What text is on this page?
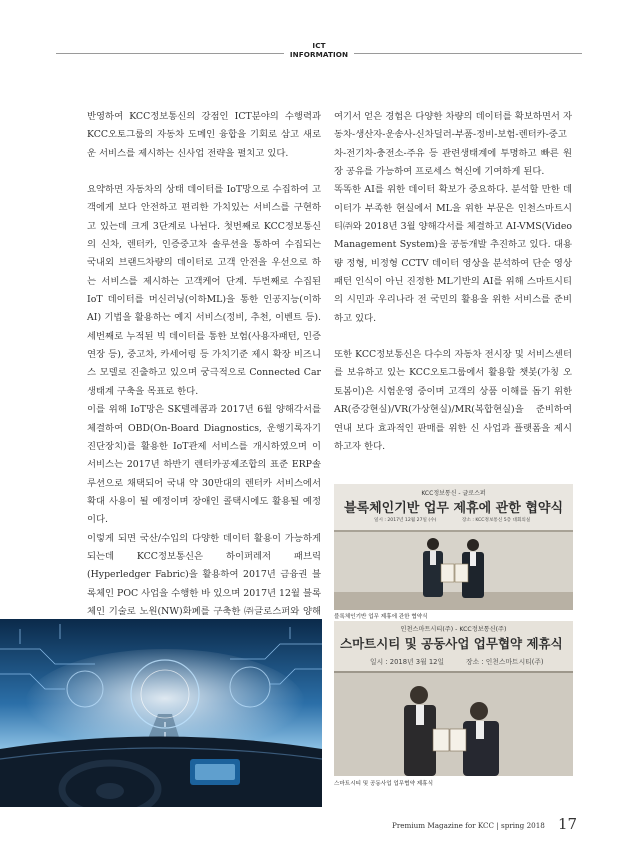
ICT INFORMATION

반영하여 KCC정보통신의 강점인 ICT분야의 수행력과 KCC오토그룹의 자동차 도메인 융합을 기회로 삼고 새로운 서비스를 제시하는 신사업 전략을 펼치고 있다.

요약하면 자동차의 상태 데이터를 IoT망으로 수집하여 고객에게 보다 안전하고 편리한 가치있는 서비스를 구현하고 있는데 크게 3단계로 나뉜다. 첫번째로 KCC정보통신의 신차, 렌터카, 인증중고차 솔루션을 통하여 수집되는 국내외 브랜드차량의 데이터로 고객 안전을 우선으로 하는 서비스를 제시하는 고객케어 단계. 두번째로 수집된 IoT 데이터를 머신러닝(이하ML)을 통한 인공지능(이하 AI) 기법을 활용하는 예지 서비스(정비, 추천, 이벤트 등). 세번째로 누적된 빅 데이터를 통한 보험(사용자패턴, 인증연장 등), 중고차, 카세어링 등 가치기준 제시 확장 비즈니스 모델로 진출하고 있으며 궁극적으로 Connected Car 생태계 구축을 목표로 한다.

이를 위해 IoT망은 SK텔레콤과 2017년 6월 양해각서를 체결하여 OBD(On-Board Diagnostics, 운행기록자기진단장치)를 활용한 IoT관제 서비스를 개시하였으며 이 서비스는 2017년 하반기 렌터카공제조합의 표준 ERP솔루션으로 채택되어 국내 약 30만대의 렌터카 서비스에서 확대 사용이 될 예정이며 장애인 콜택시에도 활용될 예정이다.

이렇게 되면 국산/수입의 다양한 데이터 활용이 가능하게 되는데 KCC정보통신은 하이퍼레저 패브릭(Hyperledger Fabric)을 활용하여 2017년 금융권 블록체인 POC 사업을 수행한 바 있으며 2017년 12월 블록체인 기술로 노원(NW)화폐를 구축한 ㈜글로스퍼와 양해

여기서 얻은 경험은 다양한 차량의 데이터를 확보하면서 자동차-생산자-운송사-신차딜러-부품-정비-보험-렌터카-중고차-전기차-충전소-주유 등 관련생태계에 투명하고 빠른 원장 공유를 가능하여 프로세스 혁신에 기여하게 된다.

똑똑한 AI를 위한 데이터 확보가 중요하다. 분석할 만한 데이터가 부족한 현실에서 ML을 위한 부문은 인천스마트시티㈜와 2018년 3월 양해각서를 체결하고 AI-VMS(Video Management System)을 공동개발 추진하고 있다. 대용량 정형, 비정형 CCTV 데이터 영상을 분석하여 단순 영상패턴 인식이 아닌 진정한 ML기반의 AI를 위해 스마트시티의 시민과 우리나라 전 국민의 활용을 위한 서비스를 준비하고 있다.

또한 KCC정보통신은 다수의 자동차 전시장 및 서비스센터를 보유하고 있는 KCC오토그룹에서 활용할 챗봇(가칭 오토봄이)은 시험운영 중이며 고객의 상품 이해를 돕기 위한 AR(증강현실)/VR(가상현실)/MR(복합현실)을 준비하여 연내 보다 효과적인 판매를 위한 신 사업과 플랫폼을 제시하고자 한다.

KCC정보통신 - 글로스퍼
블록체인기반 업무 제휴에 관한 협약식
일시 : 2017년 12월 27일 (수)	장소 : KCC정보통신 5층 대회의실
블록체인기반 업무 제휴에 관한 협약식
인천스마트시티(주) - KCC정보통신(주)
스마트시티 및 공동사업 업무협약 제휴식
일시 : 2018년 3월 12일	장소 : 인천스마트시티(주)
스마트시티 및 공동사업 업무협약 제휴식
Premium Magazine for KCC | spring 2018 17
